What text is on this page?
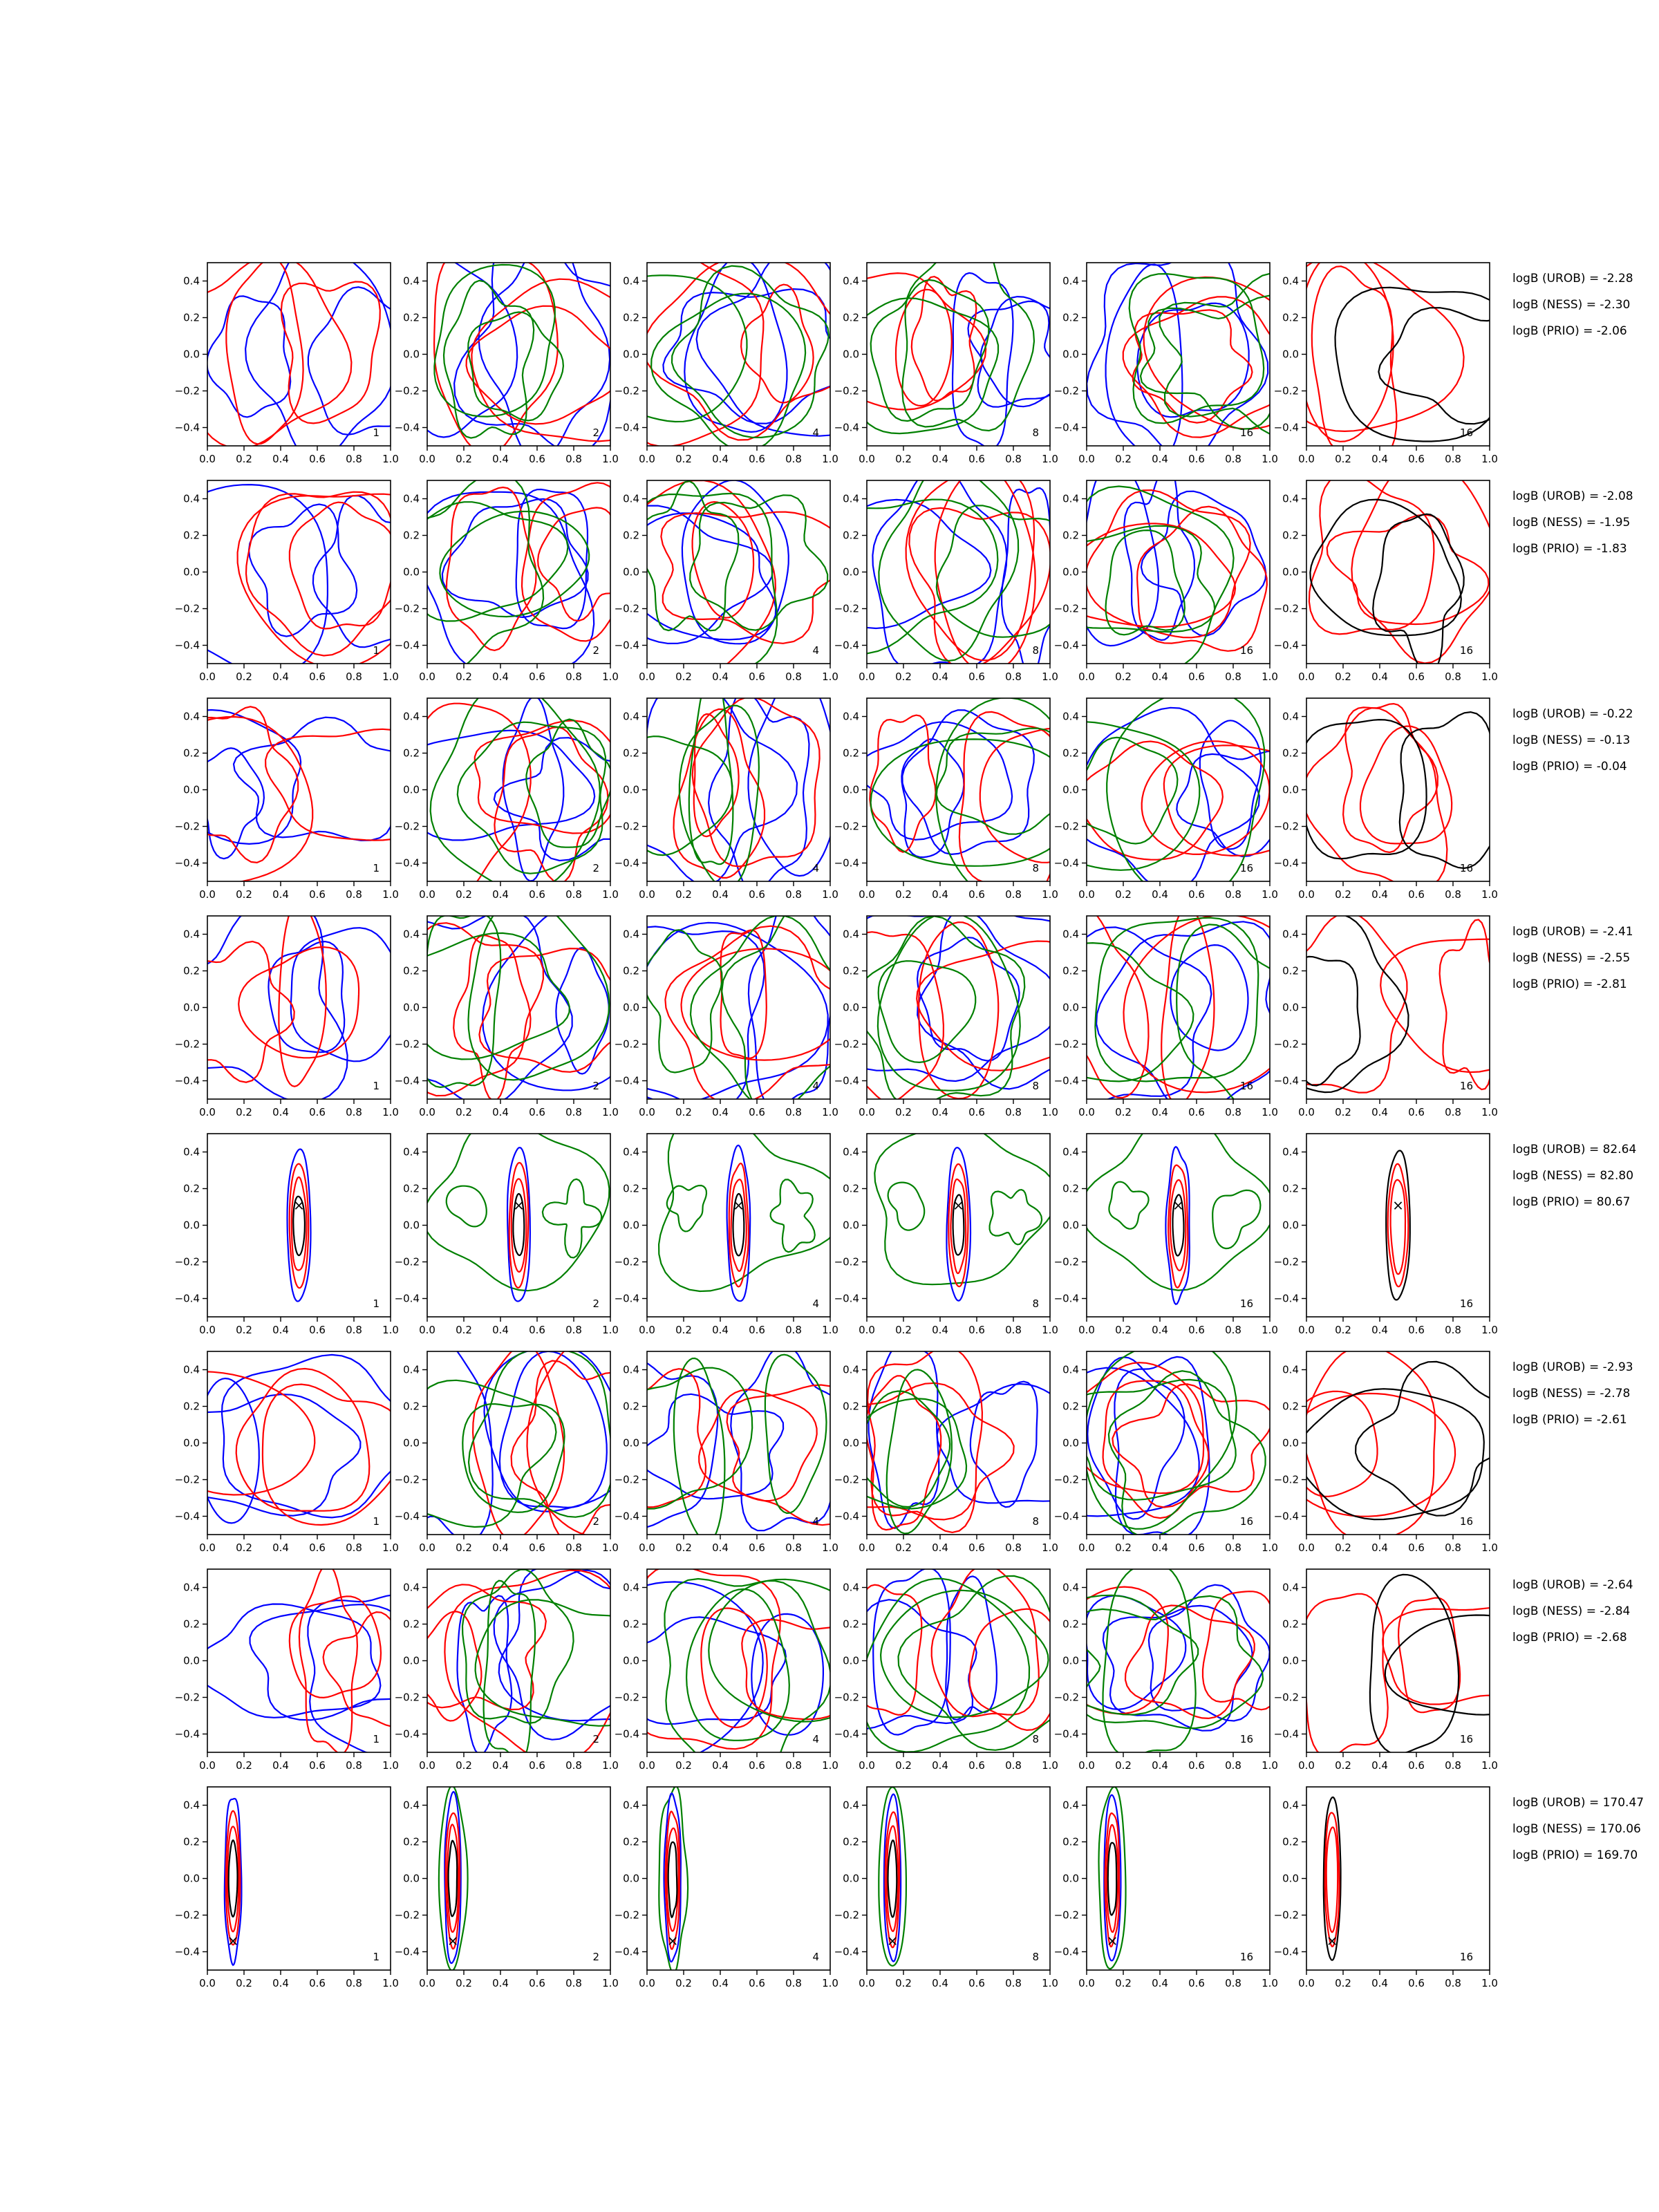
0.0 0.2 0.4 0.6 0.8 1.0
0.4
0.2
0.0
−0.2
−0.4	1
0.0 0.2 0.4 0.6 0.8 1.0
0.4
0.2
0.0
−0.2
−0.4	2
0.0 0.2 0.4 0.6 0.8 1.0
0.4
0.2
0.0
−0.2
−0.4	4
0.0 0.2 0.4 0.6 0.8 1.0
0.4
0.2
0.0
−0.2
−0.4	8
0.0 0.2 0.4 0.6 0.8 1.0
0.4
0.2
0.0
−0.2
−0.4	16
0.0 0.2 0.4 0.6 0.8 1.0
0.4
0.2
0.0
−0.2
−0.4	16
logB (UROB) = -2.28
logB (NESS) = -2.30
logB (PRIO) = -2.06
0.0 0.2 0.4 0.6 0.8 1.0
0.4
0.2
0.0
−0.2
−0.4	1
0.0 0.2 0.4 0.6 0.8 1.0
0.4
0.2
0.0
−0.2
−0.4	2
0.0 0.2 0.4 0.6 0.8 1.0
0.4
0.2
0.0
−0.2
−0.4	4
0.0 0.2 0.4 0.6 0.8 1.0
0.4
0.2
0.0
−0.2
−0.4	8
0.0 0.2 0.4 0.6 0.8 1.0
0.4
0.2
0.0
−0.2
−0.4	16
0.0 0.2 0.4 0.6 0.8 1.0
0.4
0.2
0.0
−0.2
−0.4	16
logB (UROB) = -2.08
logB (NESS) = -1.95
logB (PRIO) = -1.83
0.0 0.2 0.4 0.6 0.8 1.0
0.4
0.2
0.0
−0.2
−0.4	1
0.0 0.2 0.4 0.6 0.8 1.0
0.4
0.2
0.0
−0.2
−0.4	2
0.0 0.2 0.4 0.6 0.8 1.0
0.4
0.2
0.0
−0.2
−0.4	4
0.0 0.2 0.4 0.6 0.8 1.0
0.4
0.2
0.0
−0.2
−0.4	8
0.0 0.2 0.4 0.6 0.8 1.0
0.4
0.2
0.0
−0.2
−0.4	16
0.0 0.2 0.4 0.6 0.8 1.0
0.4
0.2
0.0
−0.2
−0.4	16
logB (UROB) = -0.22
logB (NESS) = -0.13
logB (PRIO) = -0.04
0.0 0.2 0.4 0.6 0.8 1.0
0.4
0.2
0.0
−0.2
−0.4	1
0.0 0.2 0.4 0.6 0.8 1.0
0.4
0.2
0.0
−0.2
−0.4	2
0.0 0.2 0.4 0.6 0.8 1.0
0.4
0.2
0.0
−0.2
−0.4	4
0.0 0.2 0.4 0.6 0.8 1.0
0.4
0.2
0.0
−0.2
−0.4	8
0.0 0.2 0.4 0.6 0.8 1.0
0.4
0.2
0.0
−0.2
−0.4	16
0.0 0.2 0.4 0.6 0.8 1.0
0.4
0.2
0.0
−0.2
−0.4	16
logB (UROB) = -2.41
logB (NESS) = -2.55
logB (PRIO) = -2.81
×
0.0 0.2 0.4 0.6 0.8 1.0
0.4
0.2
0.0
−0.2
−0.4	1
×
0.0 0.2 0.4 0.6 0.8 1.0
0.4
0.2
0.0
−0.2
−0.4	2
×
0.0 0.2 0.4 0.6 0.8 1.0
0.4
0.2
0.0
−0.2
−0.4	4
×
0.0 0.2 0.4 0.6 0.8 1.0
0.4
0.2
0.0
−0.2
−0.4	8
×
0.0 0.2 0.4 0.6 0.8 1.0
0.4
0.2
0.0
−0.2
−0.4	16
×
0.0 0.2 0.4 0.6 0.8 1.0
0.4
0.2
0.0
−0.2
−0.4	16
logB (UROB) = 82.64
logB (NESS) = 82.80
logB (PRIO) = 80.67
0.0 0.2 0.4 0.6 0.8 1.0
0.4
0.2
0.0
−0.2
−0.4	1
0.0 0.2 0.4 0.6 0.8 1.0
0.4
0.2
0.0
−0.2
−0.4	2
0.0 0.2 0.4 0.6 0.8 1.0
0.4
0.2
0.0
−0.2
−0.4	4
0.0 0.2 0.4 0.6 0.8 1.0
0.4
0.2
0.0
−0.2
−0.4	8
0.0 0.2 0.4 0.6 0.8 1.0
0.4
0.2
0.0
−0.2
−0.4	16
0.0 0.2 0.4 0.6 0.8 1.0
0.4
0.2
0.0
−0.2
−0.4	16
logB (UROB) = -2.93
logB (NESS) = -2.78
logB (PRIO) = -2.61
0.0 0.2 0.4 0.6 0.8 1.0
0.4
0.2
0.0
−0.2
−0.4	1
0.0 0.2 0.4 0.6 0.8 1.0
0.4
0.2
0.0
−0.2
−0.4	2
0.0 0.2 0.4 0.6 0.8 1.0
0.4
0.2
0.0
−0.2
−0.4	4
0.0 0.2 0.4 0.6 0.8 1.0
0.4
0.2
0.0
−0.2
−0.4	8
0.0 0.2 0.4 0.6 0.8 1.0
0.4
0.2
0.0
−0.2
−0.4	16
0.0 0.2 0.4 0.6 0.8 1.0
0.4
0.2
0.0
−0.2
−0.4	16
logB (UROB) = -2.64
logB (NESS) = -2.84
logB (PRIO) = -2.68
×
0.0 0.2 0.4 0.6 0.8 1.0
0.4
0.2
0.0
−0.2
−0.4	1
×
0.0 0.2 0.4 0.6 0.8 1.0
0.4
0.2
0.0
−0.2
−0.4	2
×
0.0 0.2 0.4 0.6 0.8 1.0
0.4
0.2
0.0
−0.2
−0.4	4
×
0.0 0.2 0.4 0.6 0.8 1.0
0.4
0.2
0.0
−0.2
−0.4	8
×
0.0 0.2 0.4 0.6 0.8 1.0
0.4
0.2
0.0
−0.2
−0.4	16
×
0.0 0.2 0.4 0.6 0.8 1.0
0.4
0.2
0.0
−0.2
−0.4	16
logB (UROB) = 170.47
logB (NESS) = 170.06
logB (PRIO) = 169.70
